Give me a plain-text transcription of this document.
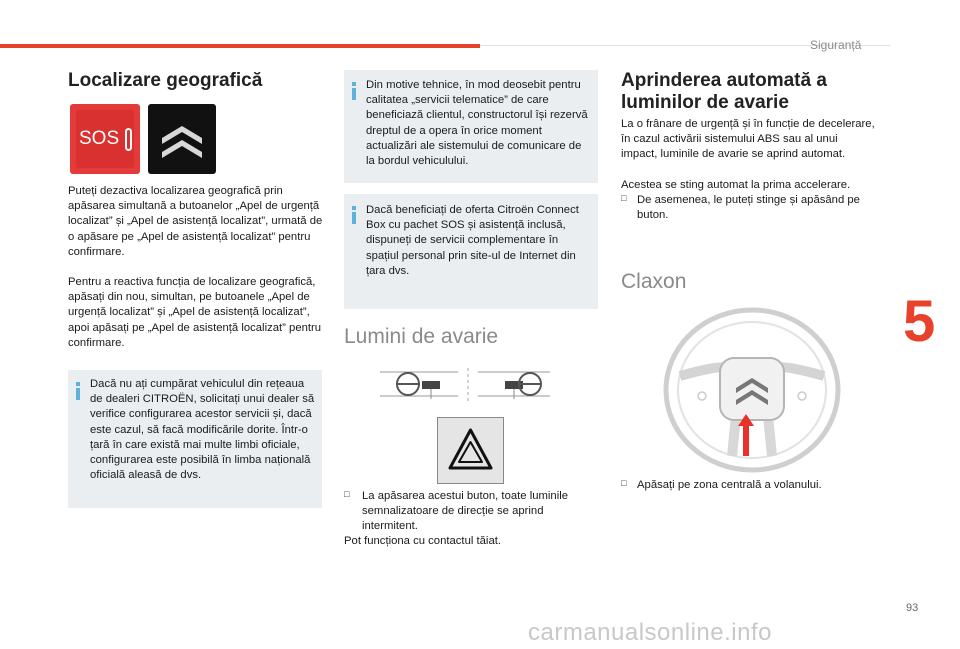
Siguranță
5
93
carmanualsonline.info
Localizare geografică
SOS

Puteți dezactiva localizarea geografică prin apăsarea simultană a butoanelor „Apel de urgență localizat” și „Apel de asistență localizat”, urmată de o apăsare pe „Apel de asistență localizat” pentru confirmare.

Pentru a reactiva funcția de localizare geografică, apăsați din nou, simultan, pe butoanele „Apel de urgență localizat” și „Apel de asistență localizat”, apoi apăsați pe „Apel de asistență localizat” pentru confirmare.

Dacă nu ați cumpărat vehiculul din rețeaua de dealeri CITROËN, solicitați unui dealer să verifice configurarea acestor servicii și, dacă este cazul, să facă modificările dorite. Într-o țară în care există mai multe limbi oficiale, configurarea este posibilă în limba națională oficială aleasă de dvs.

Din motive tehnice, în mod deosebit pentru calitatea „servicii telematice” de care beneficiază clientul, constructorul își rezervă dreptul de a opera în orice moment actualizări ale sistemului de comunicare de la bordul vehiculului.

Dacă beneficiați de oferta Citroën Connect Box cu pachet SOS și asistență inclusă, dispuneți de servicii complementare în spațiul personal prin site-ul de Internet din țara dvs.

Lumini de avarie
□ La apăsarea acestui buton, toate luminile semnalizatoare de direcție se aprind intermitent.

Pot funcționa cu contactul tăiat.

Aprinderea automată a luminilor de avarie

La o frânare de urgență și în funcție de decelerare, în cazul activării sistemului ABS sau al unui impact, luminile de avarie se aprind automat.

Acestea se sting automat la prima accelerare.

□ De asemenea, le puteți stinge și apăsând pe buton.

Claxon
□ Apăsați pe zona centrală a volanului.
